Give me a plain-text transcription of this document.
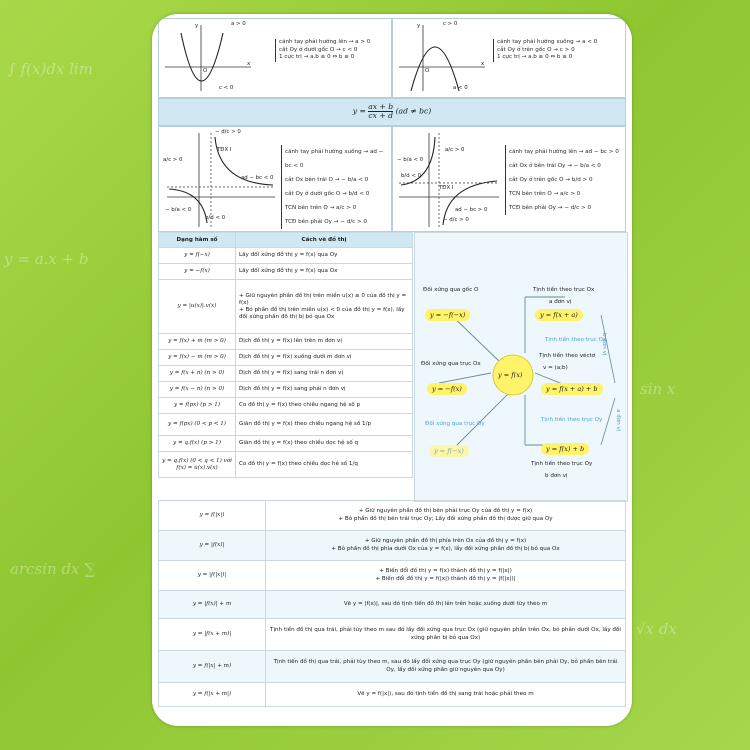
∫ f(x)dx lim
y = a.x + b
arcsin dx ∑
sin x
√x dx
a > 0
O
x
y
c < 0
cánh tay phải hướng lên → a > 0
cắt Oy ở dưới gốc O → c < 0
1 cực trị → a.b ≥ 0 ⇔ b ≥ 0
c > 0
O
x
y
a < 0
cánh tay phải hướng xuống → a < 0
cắt Oy ở trên gốc O → c > 0
1 cực trị → a.b ≥ 0 ⇔ b ≤ 0
$y = \frac{ax + b}{cx + d} (ad \ne bc)$
TĐX I
ad − bc < 0
b/d < 0
− b/a < 0
a/c > 0
− d/c > 0
cánh tay phải hướng xuống → ad − bc < 0
cắt Ox bên trái O → − b/a < 0
cắt Oy ở dưới gốc O → b/d < 0
TCN bên trên O → a/c > 0
TCĐ bên phải Oy → − d/c > 0
TĐX I
ad − bc > 0
b/d < 0
− b/a < 0
a/c > 0
− d/c > 0
cánh tay phải hướng lên → ad − bc > 0
cắt Ox ở bên trái Oy → − b/a < 0
cắt Oy ở trên gốc O → b/d > 0
TCN bên trên O → a/c > 0
TCĐ bên phải Oy → − d/c > 0
Dạng hàm số	Cách vẽ đồ thị
y = f(−x)	Lấy đối xứng đồ thị y = f(x) qua Oy
y = −f(x)	Lấy đối xứng đồ thị y = f(x) qua Ox
y = |u(x)|.v(x)	+ Giữ nguyên phần đồ thị trên miền u(x) ≥ 0 của đồ thị y = f(x)
+ Bỏ phần đồ thị trên miền u(x) < 0 của đồ thị y = f(x), lấy đối xứng phần đồ thị bị bỏ qua Ox
y = f(x) + m (m > 0)	Dịch đồ thị y = f(x) lên trên m đơn vị
y = f(x) − m (m > 0)	Dịch đồ thị y = f(x) xuống dưới m đơn vị
y = f(x + n) (n > 0)	Dịch đồ thị y = f(x) sang trái n đơn vị
y = f(x − n) (n > 0)	Dịch đồ thị y = f(x) sang phải n đơn vị
y = f(px) (p > 1)	Co đồ thị y = f(x) theo chiều ngang hệ số p
y = f(px) (0 < p < 1)	Giãn đồ thị y = f(x) theo chiều ngang hệ số 1/p
y = q.f(x) (p > 1)	Giãn đồ thị y = f(x) theo chiều dọc hệ số q
y = q.f(x) (0 < q < 1) với f(x) = u(x).v(x)	Co đồ thị y = f(x) theo chiều dọc hệ số 1/q
y = f(x)
Đối xứng qua gốc O
y = −f(−x)
Tịnh tiến theo trục Ox
a đơn vị
y = f(x + a)
Tịnh tiến theo trục Ox
Tịnh tiến theo véctơ
v = (a;b)
y = f(x + a) + b
b đơn vị
a đơn vị
Tịnh tiến theo trục Oy
Đối xứng qua trục Ox
y = −f(x)
Đối xứng qua trục Oy
y = f(−x)	y = f(x) + b
Tịnh tiến theo trục Oy
b đơn vị
y = f(|x|)	+ Giữ nguyên phần đồ thị bên phải trục Oy của đồ thị y = f(x)
+ Bỏ phần đồ thị bên trái trục Oy; Lấy đối xứng phần đồ thị được giữ qua Oy
y = |f(x)|	+ Giữ nguyên phần đồ thị phía trên Ox của đồ thị y = f(x)
+ Bỏ phần đồ thị phía dưới Ox của y = f(x), lấy đối xứng phần đồ thị bị bỏ qua Ox
y = |f(|x|)|	+ Biến đổi đồ thị y = f(x) thành đồ thị y = f(|x|)
+ Biến đổi đồ thị y = f(|x|) thành đồ thị y = |f(|x|)|
y = |f(x)| + m	Vẽ y = |f(x)|, sau đó tịnh tiến đồ thị lên trên hoặc xuống dưới tùy theo m
y = |f(x + m)|	Tịnh tiến đồ thị qua trái, phải tùy theo m sau đó lấy đối xứng qua trục Ox (giữ nguyên phần trên Ox, bỏ phần dưới Ox, lấy đối xứng phần bị bỏ qua Ox)
y = f(|x| + m)	Tịnh tiến đồ thị qua trái, phải tùy theo m, sau đó lấy đối xứng qua trục Oy (giữ nguyên phần bên phải Oy, bỏ phần bên trái Oy, lấy đối xứng phần giữ nguyên qua Oy)
y = f(|x + m|)	Vẽ y = f(|x|), sau đó tịnh tiến đồ thị sang trái hoặc phải theo m
